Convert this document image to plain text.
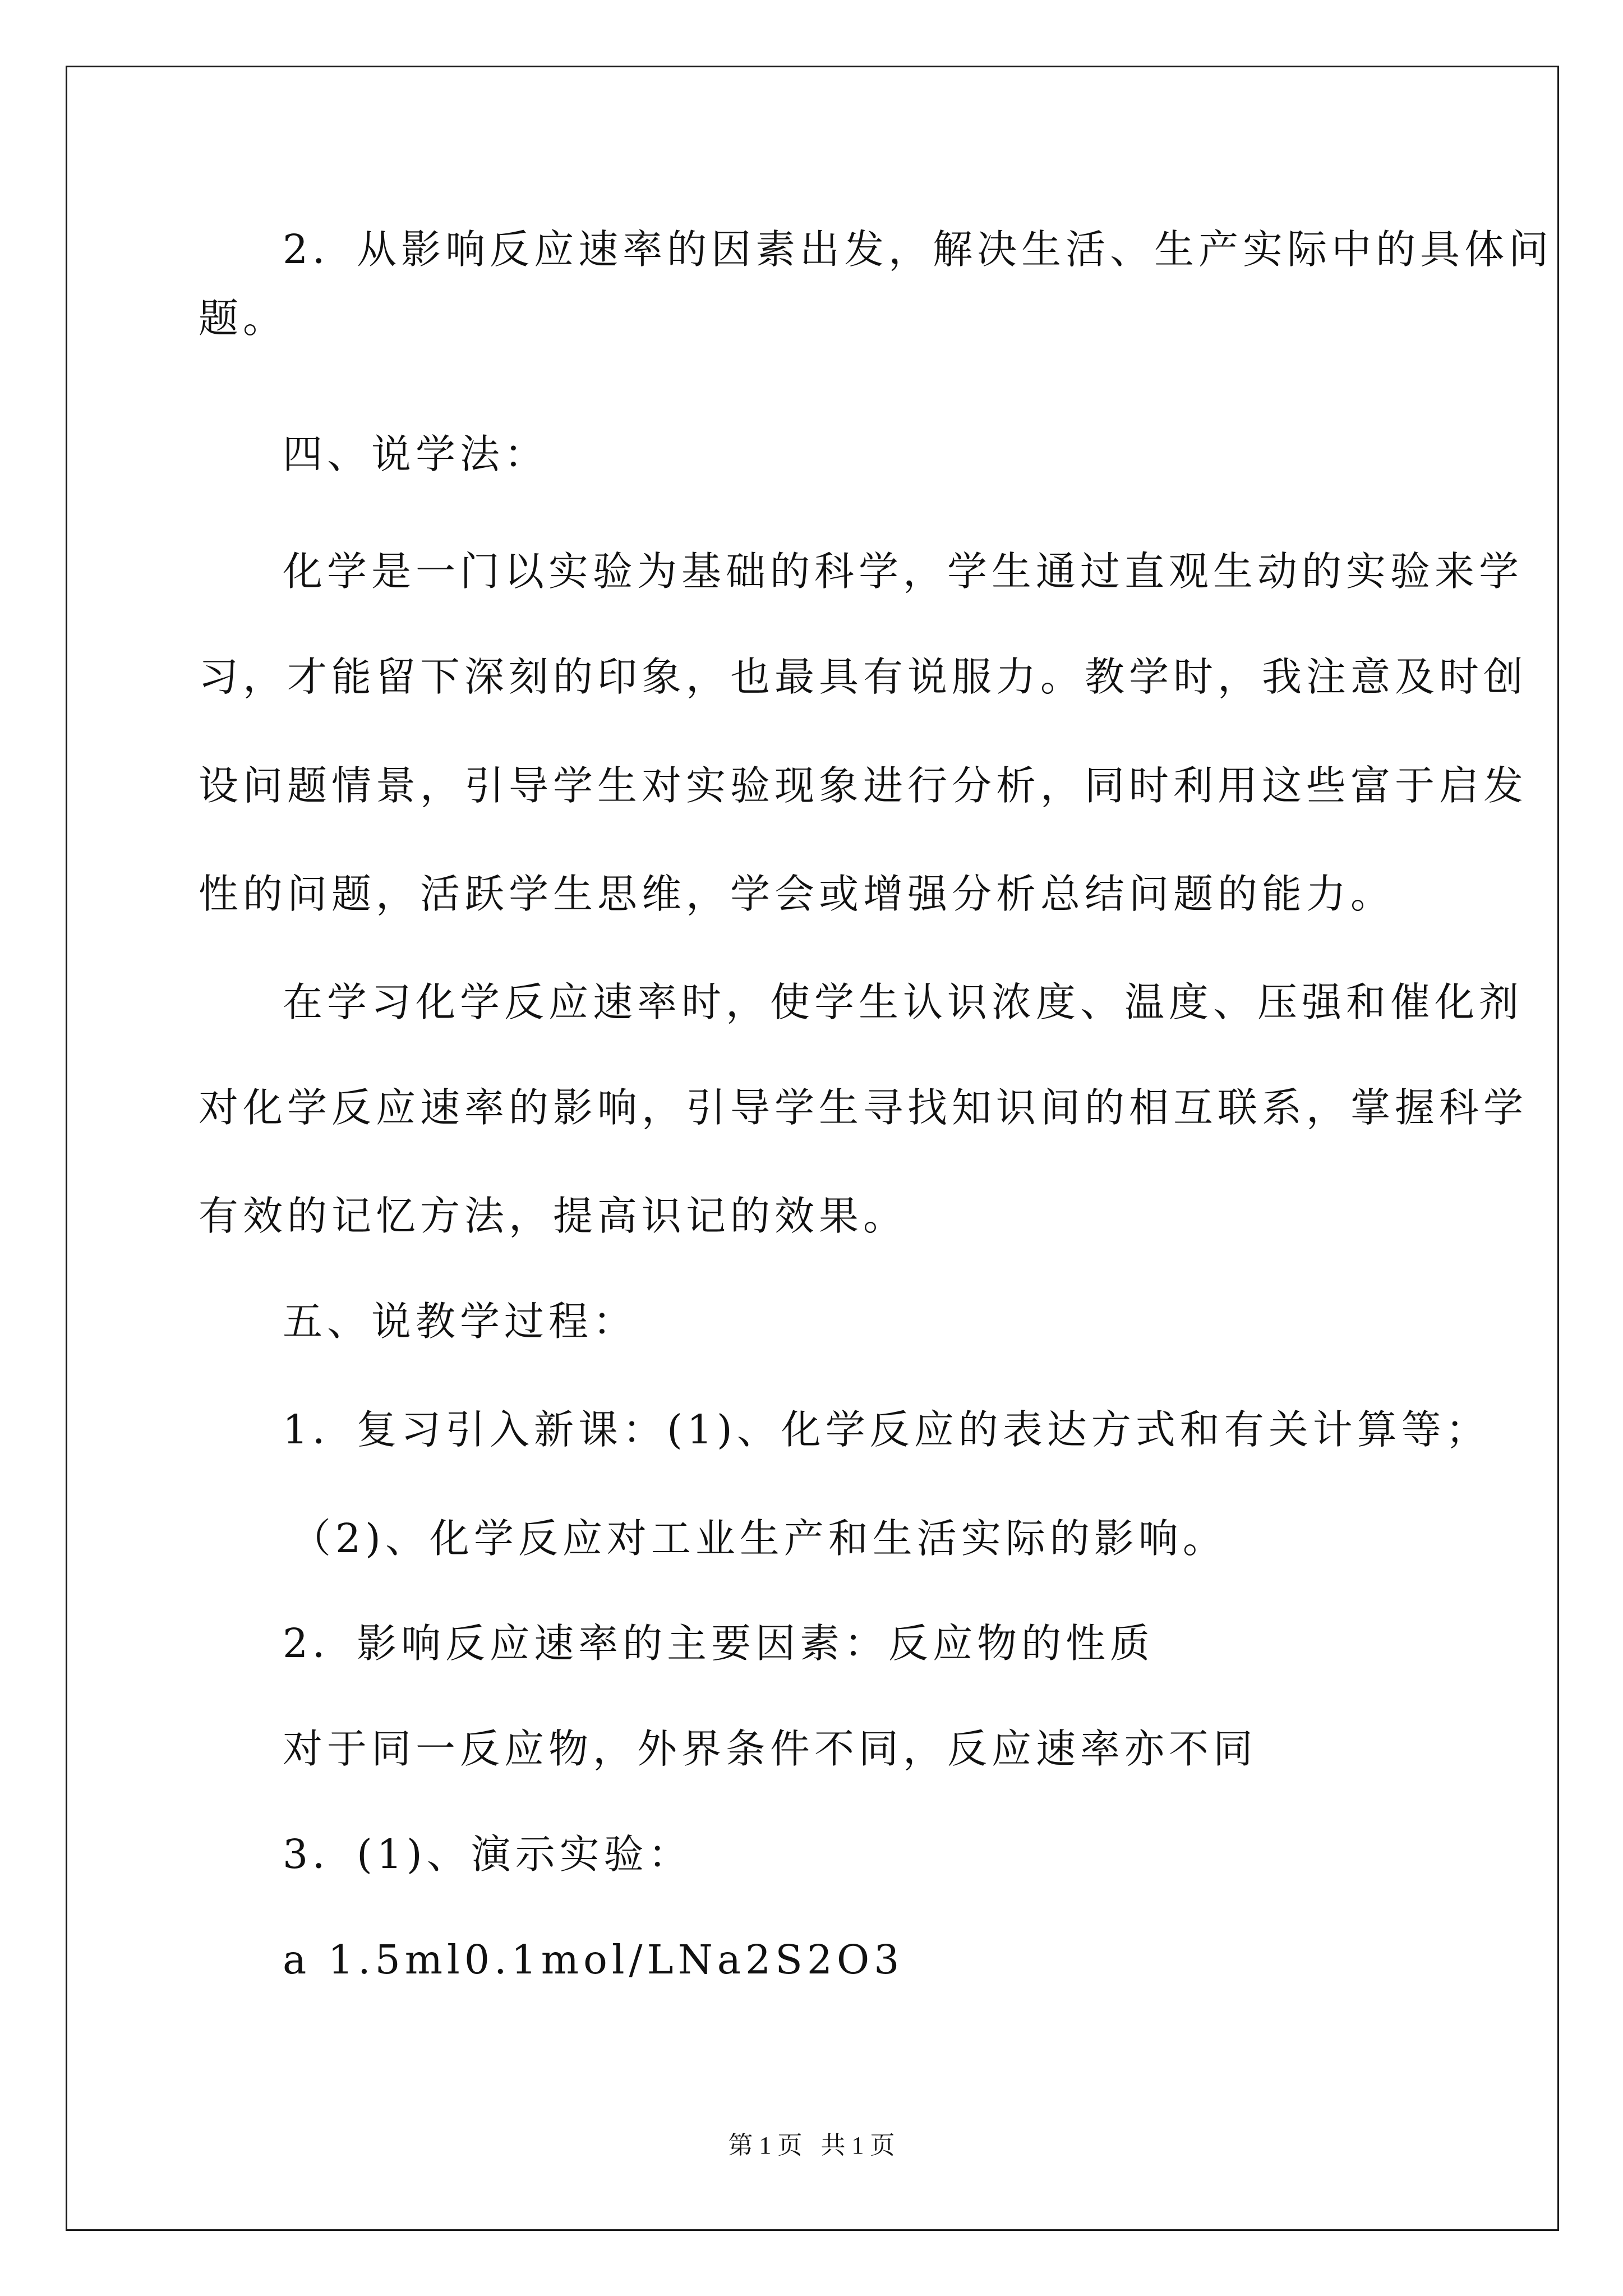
2．从影响反应速率的因素出发，解决生活、生产实际中的具体问
题。
四、说学法：
化学是一门以实验为基础的科学，学生通过直观生动的实验来学
习，才能留下深刻的印象，也最具有说服力。教学时，我注意及时创
设问题情景，引导学生对实验现象进行分析，同时利用这些富于启发
性的问题，活跃学生思维，学会或增强分析总结问题的能力。
在学习化学反应速率时，使学生认识浓度、温度、压强和催化剂
对化学反应速率的影响，引导学生寻找知识间的相互联系，掌握科学
有效的记忆方法，提高识记的效果。
五、说教学过程：
1．复习引入新课：(1)、化学反应的表达方式和有关计算等；
（2)、化学反应对工业生产和生活实际的影响。
2．影响反应速率的主要因素：反应物的性质
对于同一反应物，外界条件不同，反应速率亦不同
3．(1)、演示实验：
a 1.5ml0.1mol/LNa2S2O3
第 1 页   共 1 页
